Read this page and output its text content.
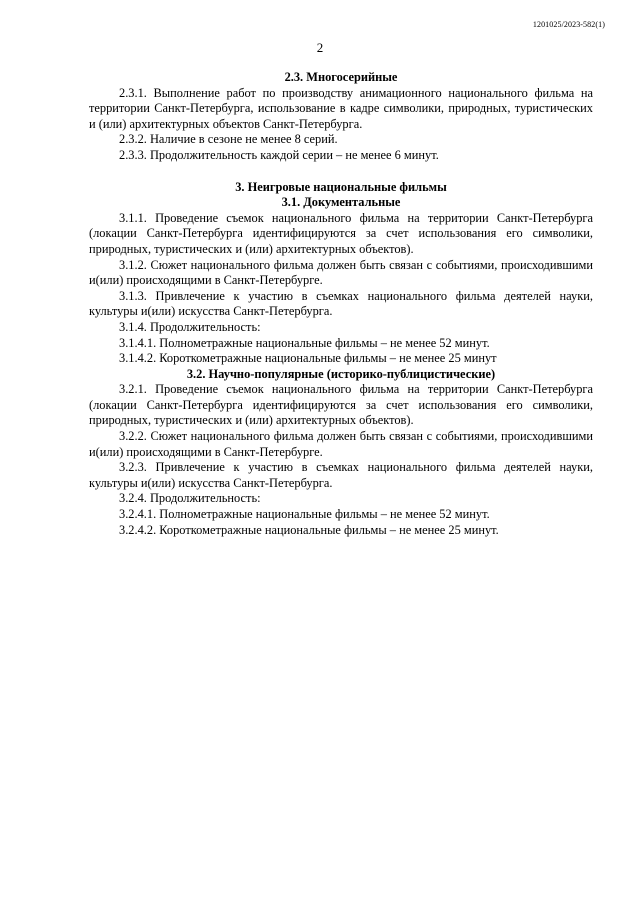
1201025/2023-582(1)
2
2.3. Многосерийные
2.3.1. Выполнение работ по производству анимационного национального фильма на территории Санкт-Петербурга, использование в кадре символики, природных, туристических и (или) архитектурных объектов Санкт-Петербурга.
2.3.2. Наличие в сезоне не менее 8 серий.
2.3.3. Продолжительность каждой серии – не менее 6 минут.
3. Неигровые национальные фильмы
3.1. Документальные
3.1.1. Проведение съемок национального фильма на территории Санкт-Петербурга (локации Санкт-Петербурга идентифицируются за счет использования его символики, природных, туристических и (или) архитектурных объектов).
3.1.2. Сюжет национального фильма должен быть связан с событиями, происходившими и(или) происходящими в Санкт-Петербурге.
3.1.3. Привлечение к участию в съемках национального фильма деятелей науки, культуры и(или) искусства Санкт-Петербурга.
3.1.4. Продолжительность:
3.1.4.1. Полнометражные национальные фильмы – не менее 52 минут.
3.1.4.2. Короткометражные национальные фильмы – не менее 25 минут
3.2. Научно-популярные (историко-публицистические)
3.2.1. Проведение съемок национального фильма на территории Санкт-Петербурга (локации Санкт-Петербурга идентифицируются за счет использования его символики, природных, туристических и (или) архитектурных объектов).
3.2.2. Сюжет национального фильма должен быть связан с событиями, происходившими и(или) происходящими в Санкт-Петербурге.
3.2.3. Привлечение к участию в съемках национального фильма деятелей науки, культуры и(или) искусства Санкт-Петербурга.
3.2.4. Продолжительность:
3.2.4.1. Полнометражные национальные фильмы – не менее 52 минут.
3.2.4.2. Короткометражные национальные фильмы – не менее 25 минут.
